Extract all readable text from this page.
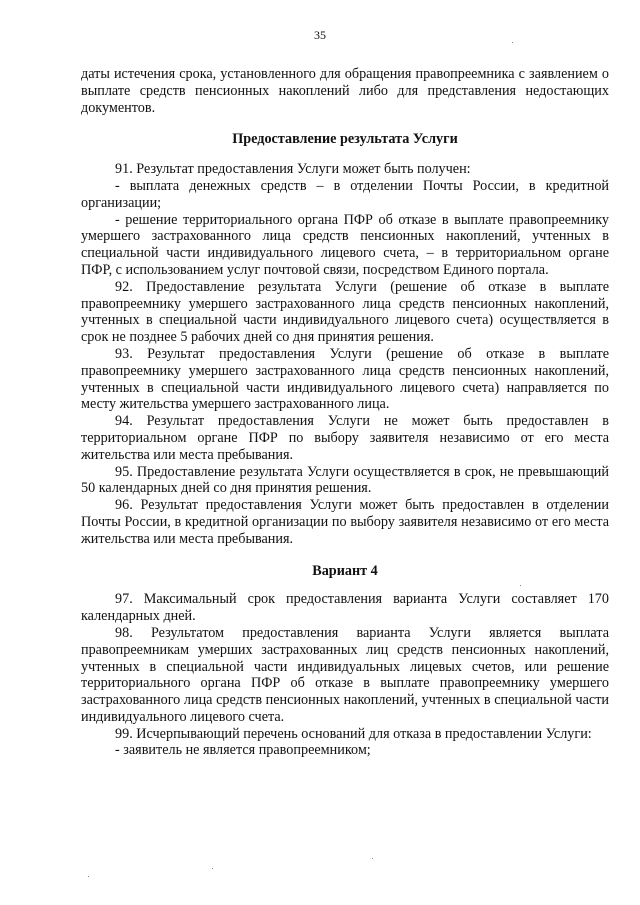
35

даты истечения срока, установленного для обращения правопреемника с заявлением о выплате средств пенсионных накоплений либо для представления недостающих документов.

Предоставление результата Услуги

91. Результат предоставления Услуги может быть получен:

- выплата денежных средств – в отделении Почты России, в кредитной организации;

- решение территориального органа ПФР об отказе в выплате правопреемнику умершего застрахованного лица средств пенсионных накоплений, учтенных в специальной части индивидуального лицевого счета, – в территориальном органе ПФР, с использованием услуг почтовой связи, посредством Единого портала.

92. Предоставление результата Услуги (решение об отказе в выплате правопреемнику умершего застрахованного лица средств пенсионных накоплений, учтенных в специальной части индивидуального лицевого счета) осуществляется в срок не позднее 5 рабочих дней со дня принятия решения.

93. Результат предоставления Услуги (решение об отказе в выплате правопреемнику умершего застрахованного лица средств пенсионных накоплений, учтенных в специальной части индивидуального лицевого счета) направляется по месту жительства умершего застрахованного лица.

94. Результат предоставления Услуги не может быть предоставлен в территориальном органе ПФР по выбору заявителя независимо от его места жительства или места пребывания.

95. Предоставление результата Услуги осуществляется в срок, не превышающий 50 календарных дней со дня принятия решения.

96. Результат предоставления Услуги может быть предоставлен в отделении Почты России, в кредитной организации по выбору заявителя независимо от его места жительства или места пребывания.

Вариант 4

97. Максимальный срок предоставления варианта Услуги составляет 170 календарных дней.

98. Результатом предоставления варианта Услуги является выплата правопреемникам умерших застрахованных лиц средств пенсионных накоплений, учтенных в специальной части индивидуальных лицевых счетов, или решение территориального органа ПФР об отказе в выплате правопреемнику умершего застрахованного лица средств пенсионных накоплений, учтенных в специальной части индивидуального лицевого счета.

99. Исчерпывающий перечень оснований для отказа в предоставлении Услуги:

- заявитель не является правопреемником;
